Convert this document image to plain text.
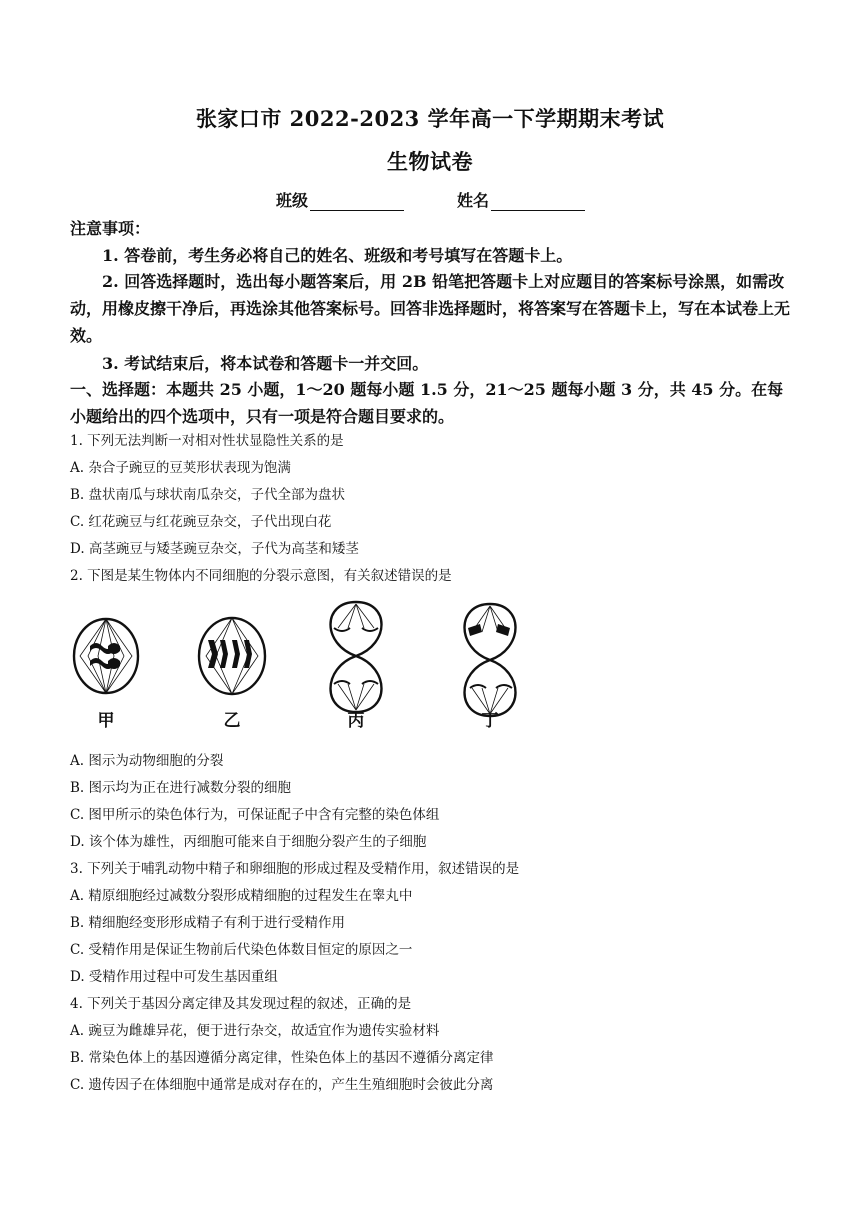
张家口市 2022-2023 学年高一下学期期末考试
生物试卷
班级	姓名
注意事项：
1. 答卷前，考生务必将自己的姓名、班级和考号填写在答题卡上。
2. 回答选择题时，选出每小题答案后，用 2B 铅笔把答题卡上对应题目的答案标号涂黑，如需改动，用橡皮擦干净后，再选涂其他答案标号。回答非选择题时，将答案写在答题卡上，写在本试卷上无效。
3. 考试结束后，将本试卷和答题卡一并交回。
一、选择题：本题共 25 小题，1～20 题每小题 1.5 分，21～25 题每小题 3 分，共 45 分。在每小题给出的四个选项中，只有一项是符合题目要求的。
1. 下列无法判断一对相对性状显隐性关系的是
A. 杂合子豌豆的豆荚形状表现为饱满
B. 盘状南瓜与球状南瓜杂交，子代全部为盘状
C. 红花豌豆与红花豌豆杂交，子代出现白花
D. 高茎豌豆与矮茎豌豆杂交，子代为高茎和矮茎
2. 下图是某生物体内不同细胞的分裂示意图，有关叙述错误的是
甲	乙	丙	丁
A. 图示为动物细胞的分裂
B. 图示均为正在进行减数分裂的细胞
C. 图甲所示的染色体行为，可保证配子中含有完整的染色体组
D. 该个体为雄性，丙细胞可能来自于细胞分裂产生的子细胞
3. 下列关于哺乳动物中精子和卵细胞的形成过程及受精作用，叙述错误的是
A. 精原细胞经过减数分裂形成精细胞的过程发生在睾丸中
B. 精细胞经变形形成精子有利于进行受精作用
C. 受精作用是保证生物前后代染色体数目恒定的原因之一
D. 受精作用过程中可发生基因重组
4. 下列关于基因分离定律及其发现过程的叙述，正确的是
A. 豌豆为雌雄异花，便于进行杂交，故适宜作为遗传实验材料
B. 常染色体上的基因遵循分离定律，性染色体上的基因不遵循分离定律
C. 遗传因子在体细胞中通常是成对存在的，产生生殖细胞时会彼此分离
